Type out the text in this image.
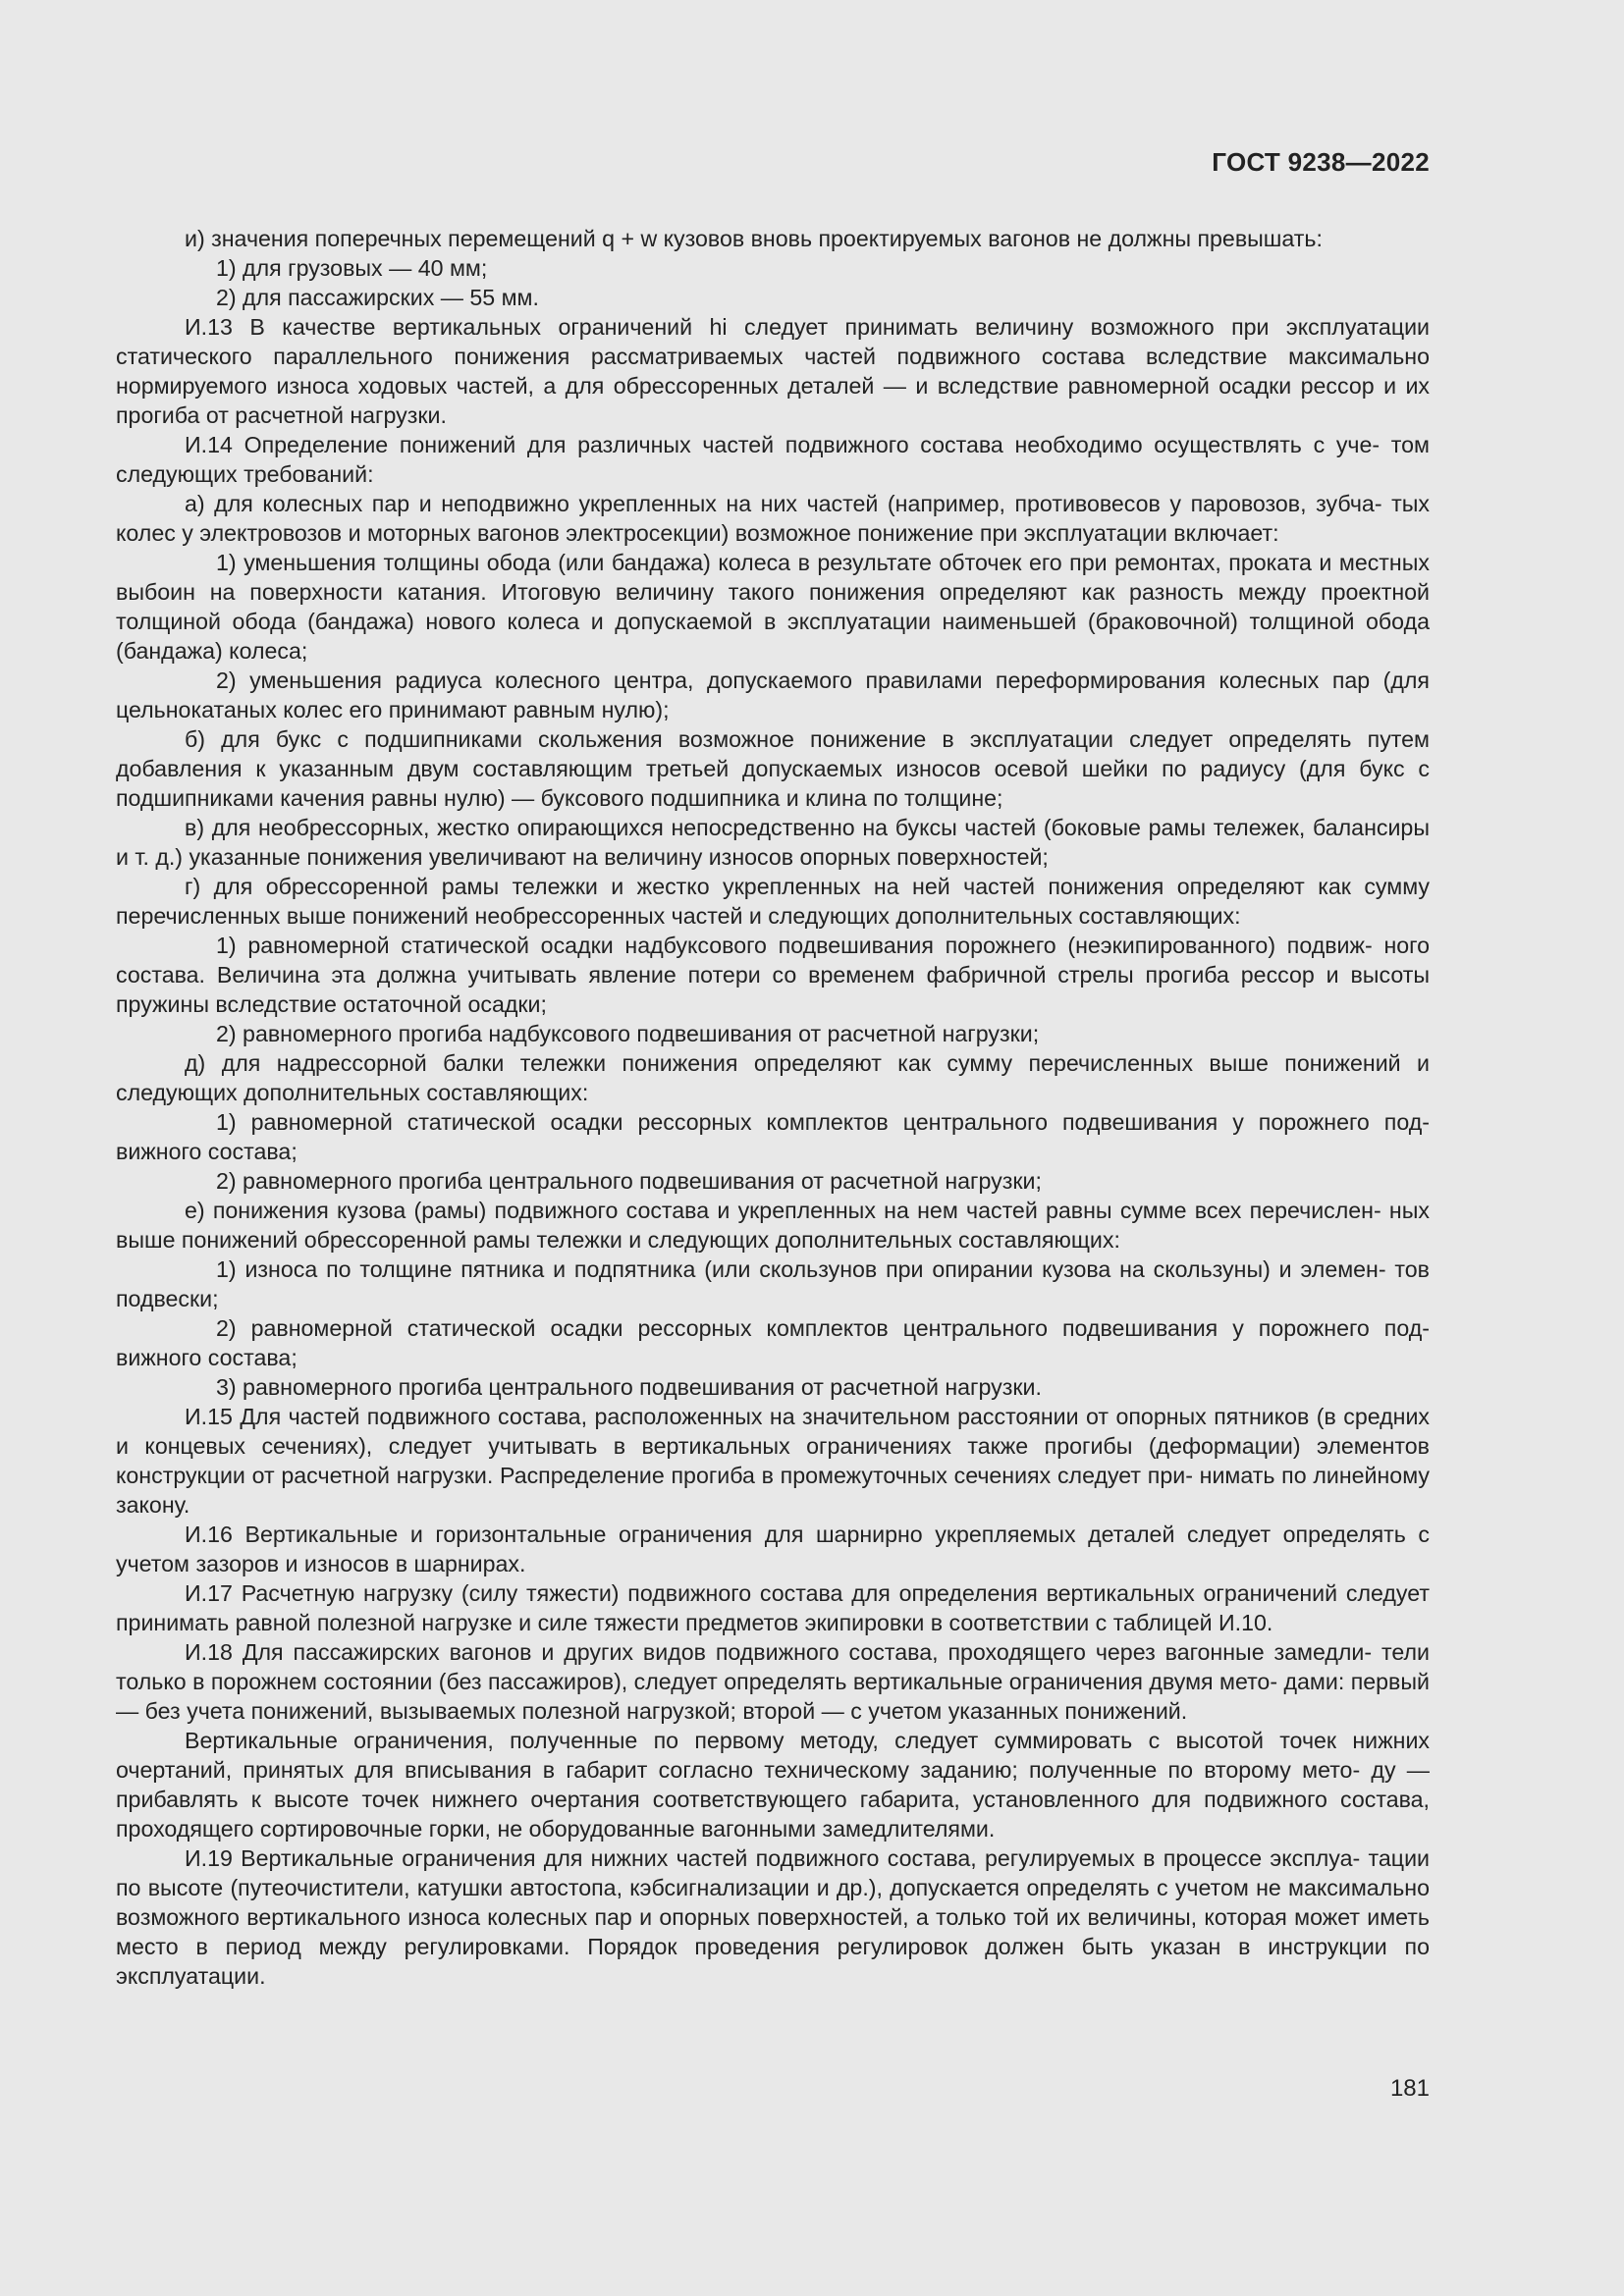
ГОСТ 9238—2022

и) значения поперечных перемещений q + w кузовов вновь проектируемых вагонов не должны превышать:

1) для грузовых — 40 мм;

2) для пассажирских — 55 мм.

И.13 В качестве вертикальных ограничений hi следует принимать величину возможного при эксплуатации статического параллельного понижения рассматриваемых частей подвижного состава вследствие максимально нормируемого износа ходовых частей, а для обрессоренных деталей — и вследствие равномерной осадки рессор и их прогиба от расчетной нагрузки.

И.14 Определение понижений для различных частей подвижного состава необходимо осуществлять с уче- том следующих требований:

а) для колесных пар и неподвижно укрепленных на них частей (например, противовесов у паровозов, зубча- тых колес у электровозов и моторных вагонов электросекции) возможное понижение при эксплуатации включает:

1) уменьшения толщины обода (или бандажа) колеса в результате обточек его при ремонтах, проката и местных выбоин на поверхности катания. Итоговую величину такого понижения определяют как разность между проектной толщиной обода (бандажа) нового колеса и допускаемой в эксплуатации наименьшей (браковочной) толщиной обода (бандажа) колеса;

2) уменьшения радиуса колесного центра, допускаемого правилами переформирования колесных пар (для цельнокатаных колес его принимают равным нулю);

б) для букс с подшипниками скольжения возможное понижение в эксплуатации следует определять путем добавления к указанным двум составляющим третьей допускаемых износов осевой шейки по радиусу (для букс с подшипниками качения равны нулю) — буксового подшипника и клина по толщине;

в) для необрессорных, жестко опирающихся непосредственно на буксы частей (боковые рамы тележек, балансиры и т. д.) указанные понижения увеличивают на величину износов опорных поверхностей;

г) для обрессоренной рамы тележки и жестко укрепленных на ней частей понижения определяют как сумму перечисленных выше понижений необрессоренных частей и следующих дополнительных составляющих:

1) равномерной статической осадки надбуксового подвешивания порожнего (неэкипированного) подвиж- ного состава. Величина эта должна учитывать явление потери со временем фабричной стрелы прогиба рессор и высоты пружины вследствие остаточной осадки;

2) равномерного прогиба надбуксового подвешивания от расчетной нагрузки;

д) для надрессорной балки тележки понижения определяют как сумму перечисленных выше понижений и следующих дополнительных составляющих:

1) равномерной статической осадки рессорных комплектов центрального подвешивания у порожнего под- вижного состава;

2) равномерного прогиба центрального подвешивания от расчетной нагрузки;

е) понижения кузова (рамы) подвижного состава и укрепленных на нем частей равны сумме всех перечислен- ных выше понижений обрессоренной рамы тележки и следующих дополнительных составляющих:

1) износа по толщине пятника и подпятника (или скользунов при опирании кузова на скользуны) и элемен- тов подвески;

2) равномерной статической осадки рессорных комплектов центрального подвешивания у порожнего под- вижного состава;

3) равномерного прогиба центрального подвешивания от расчетной нагрузки.

И.15 Для частей подвижного состава, расположенных на значительном расстоянии от опорных пятников (в средних и концевых сечениях), следует учитывать в вертикальных ограничениях также прогибы (деформации) элементов конструкции от расчетной нагрузки. Распределение прогиба в промежуточных сечениях следует при- нимать по линейному закону.

И.16 Вертикальные и горизонтальные ограничения для шарнирно укрепляемых деталей следует определять с учетом зазоров и износов в шарнирах.

И.17 Расчетную нагрузку (силу тяжести) подвижного состава для определения вертикальных ограничений следует принимать равной полезной нагрузке и силе тяжести предметов экипировки в соответствии с таблицей И.10.

И.18 Для пассажирских вагонов и других видов подвижного состава, проходящего через вагонные замедли- тели только в порожнем состоянии (без пассажиров), следует определять вертикальные ограничения двумя мето- дами: первый — без учета понижений, вызываемых полезной нагрузкой; второй — с учетом указанных понижений.

Вертикальные ограничения, полученные по первому методу, следует суммировать с высотой точек нижних очертаний, принятых для вписывания в габарит согласно техническому заданию; полученные по второму мето- ду — прибавлять к высоте точек нижнего очертания соответствующего габарита, установленного для подвижного состава, проходящего сортировочные горки, не оборудованные вагонными замедлителями.

И.19 Вертикальные ограничения для нижних частей подвижного состава, регулируемых в процессе эксплуа- тации по высоте (путеочистители, катушки автостопа, кэбсигнализации и др.), допускается определять с учетом не максимально возможного вертикального износа колесных пар и опорных поверхностей, а только той их величины, которая может иметь место в период между регулировками. Порядок проведения регулировок должен быть указан в инструкции по эксплуатации.

181
